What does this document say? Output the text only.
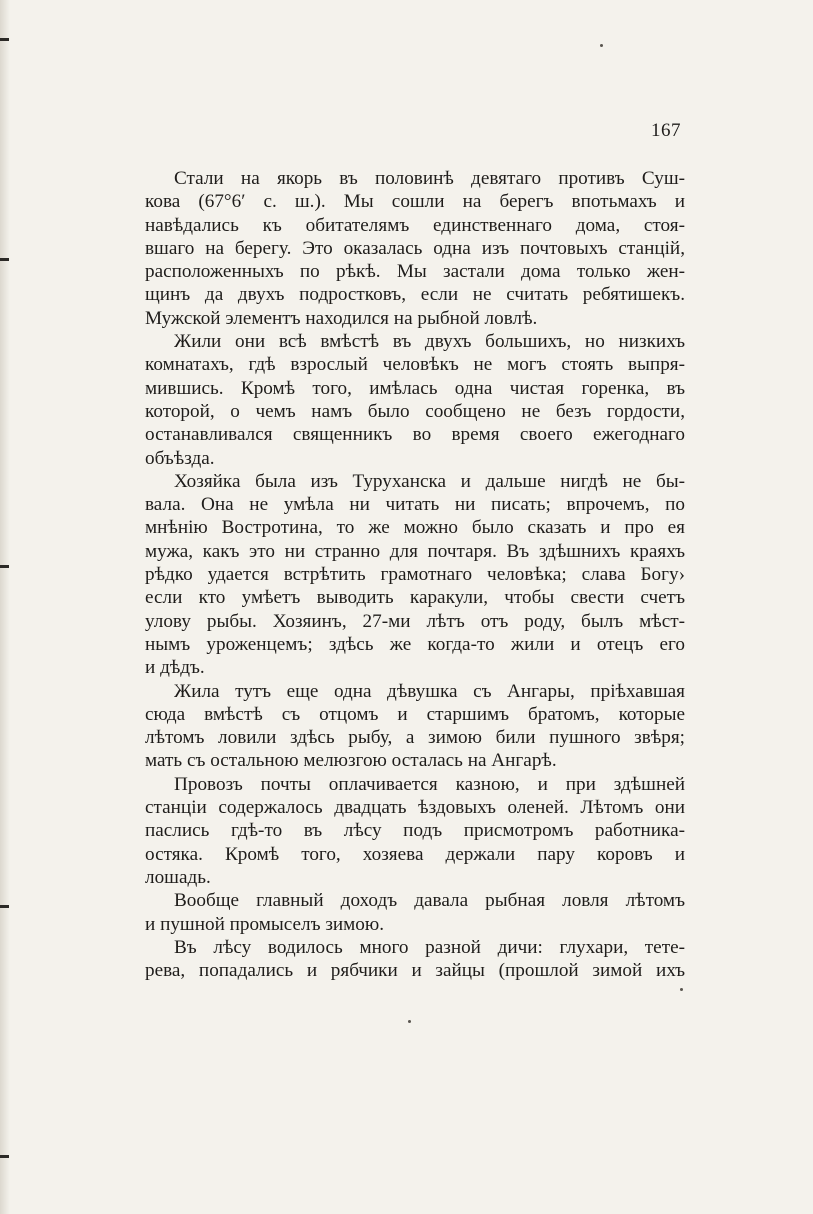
167
Стали на якорь въ половинѣ девятаго противъ Суш-
кова (67°6′ с. ш.). Мы сошли на берегъ впотьмахъ и
навѣдались къ обитателямъ единственнаго дома, стоя-
вшаго на берегу. Это оказалась одна изъ почтовыхъ станцій,
расположенныхъ по рѣкѣ. Мы застали дома только жен-
щинъ да двухъ подростковъ, если не считать ребятишекъ.
Мужской элементъ находился на рыбной ловлѣ.
Жили они всѣ вмѣстѣ въ двухъ большихъ, но низкихъ
комнатахъ, гдѣ взрослый человѣкъ не могъ стоять выпря-
мившись. Кромѣ того, имѣлась одна чистая горенка, въ
которой, о чемъ намъ было сообщено не безъ гордости,
останавливался священникъ во время своего ежегоднаго
объѣзда.
Хозяйка была изъ Туруханска и дальше нигдѣ не бы-
вала. Она не умѣла ни читать ни писать; впрочемъ, по
мнѣнію Востротина, то же можно было сказать и про ея
мужа, какъ это ни странно для почтаря. Въ здѣшнихъ краяхъ
рѣдко удается встрѣтить грамотнаго человѣка; слава Богу›
если кто умѣетъ выводить каракули, чтобы свести счетъ
улову рыбы. Хозяинъ, 27-ми лѣтъ отъ роду, былъ мѣст-
нымъ уроженцемъ; здѣсь же когда-то жили и отецъ его
и дѣдъ.
Жила тутъ еще одна дѣвушка съ Ангары, пріѣхавшая
сюда вмѣстѣ съ отцомъ и старшимъ братомъ, которые
лѣтомъ ловили здѣсь рыбу, а зимою били пушного звѣря;
мать съ остальною мелюзгою осталась на Ангарѣ.
Провозъ почты оплачивается казною, и при здѣшней
станціи содержалось двадцать ѣздовыхъ оленей. Лѣтомъ они
паслись гдѣ-то въ лѣсу подъ присмотромъ работника-
остяка. Кромѣ того, хозяева держали пару коровъ и
лошадь.
Вообще главный доходъ давала рыбная ловля лѣтомъ
и пушной промыселъ зимою.
Въ лѣсу водилось много разной дичи: глухари, тете-
рева, попадались и рябчики и зайцы (прошлой зимой ихъ
